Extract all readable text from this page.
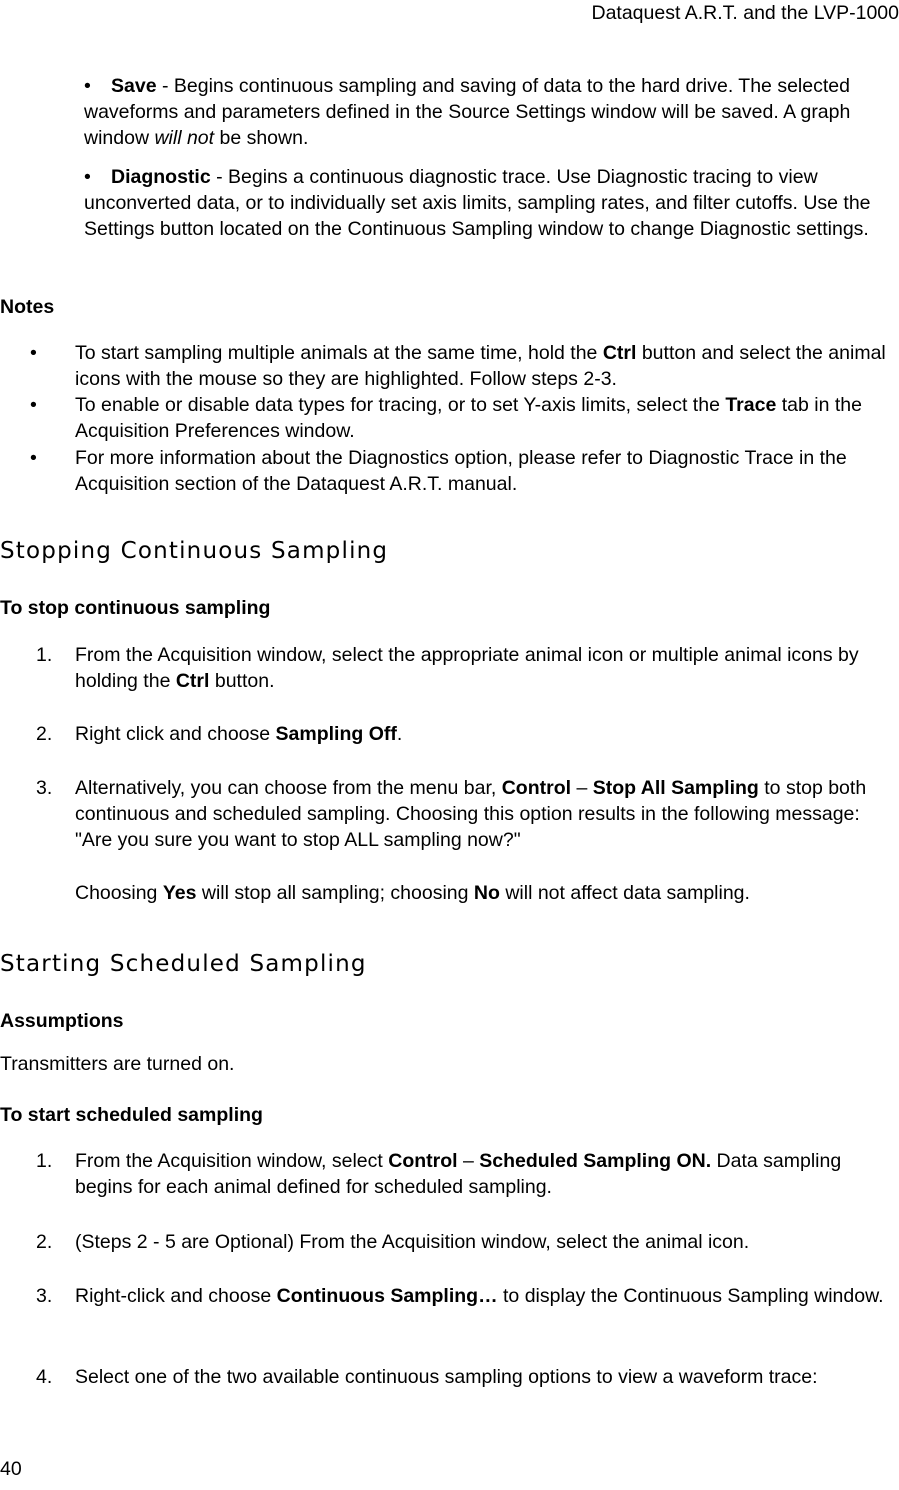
Dataquest A.R.T. and the LVP-1000
•	Save - Begins continuous sampling and saving of data to the hard drive. The selected waveforms and parameters defined in the Source Settings window will be saved. A graph window will not be shown.
•	Diagnostic - Begins a continuous diagnostic trace. Use Diagnostic tracing to view unconverted data, or to individually set axis limits, sampling rates, and filter cutoffs. Use the Settings button located on the Continuous Sampling window to change Diagnostic settings.
Notes
• To start sampling multiple animals at the same time, hold the Ctrl button and select the animal icons with the mouse so they are highlighted. Follow steps 2-3.
• To enable or disable data types for tracing, or to set Y-axis limits, select the Trace tab in the Acquisition Preferences window.
• For more information about the Diagnostics option, please refer to Diagnostic Trace in the Acquisition section of the Dataquest A.R.T. manual.
Stopping Continuous Sampling
To stop continuous sampling
1. From the Acquisition window, select the appropriate animal icon or multiple animal icons by holding the Ctrl button.
2. Right click and choose Sampling Off.
3. Alternatively, you can choose from the menu bar, Control – Stop All Sampling to stop both continuous and scheduled sampling. Choosing this option results in the following message: "Are you sure you want to stop ALL sampling now?"
Choosing Yes will stop all sampling; choosing No will not affect data sampling.
Starting Scheduled Sampling
Assumptions
Transmitters are turned on.
To start scheduled sampling
1. From the Acquisition window, select Control – Scheduled Sampling ON. Data sampling begins for each animal defined for scheduled sampling.
2. (Steps 2 - 5 are Optional) From the Acquisition window, select the animal icon.
3. Right-click and choose Continuous Sampling… to display the Continuous Sampling window.
4. Select one of the two available continuous sampling options to view a waveform trace:
40
